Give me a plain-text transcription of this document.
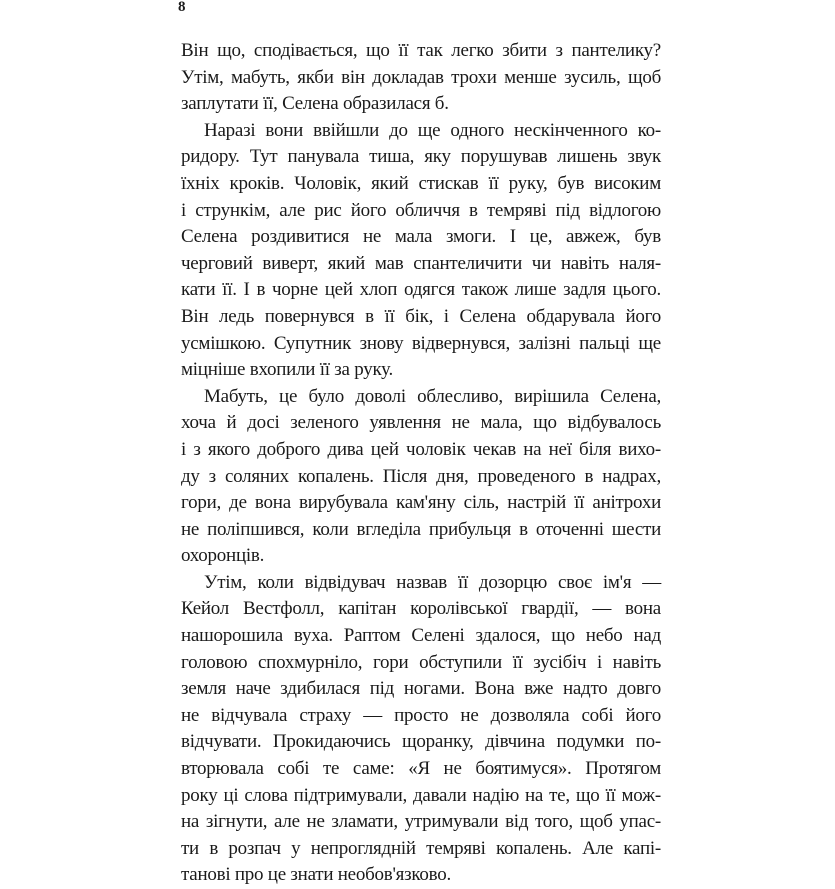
8
Він що, сподівається, що її так легко збити з пантелику?
Утім, мабуть, якби він докладав трохи менше зусиль, щоб
заплутати її, Селена образилася б.
Наразі вони ввійшли до ще одного нескінченного ко-
ридору. Тут панувала тиша, яку порушував лишень звук
їхніх кроків. Чоловік, який стискав її руку, був високим
і стрункім, але рис його обличчя в темряві під відлогою
Селена роздивитися не мала змоги. І це, авжеж, був
черговий виверт, який мав спантеличити чи навіть наля-
кати її. І в чорне цей хлоп одягся також лише задля цього.
Він ледь повернувся в її бік, і Селена обдарувала його
усмішкою. Супутник знову відвернувся, залізні пальці ще
міцніше вхопили її за руку.
Мабуть, це було доволі облесливо, вирішила Селена,
хоча й досі зеленого уявлення не мала, що відбувалось
і з якого доброго дива цей чоловік чекав на неї біля вихо-
ду з соляних копалень. Після дня, проведеного в надрах,
гори, де вона вирубувала кам'яну сіль, настрій її анітрохи
не поліпшився, коли вгледіла прибульця в оточенні шести
охоронців.
Утім, коли відвідувач назвав її дозорцю своє ім'я —
Кейол Вестфолл, капітан королівської гвардії, — вона
нашорошила вуха. Раптом Селені здалося, що небо над
головою спохмурніло, гори обступили її зусібіч і навіть
земля наче здибилася під ногами. Вона вже надто довго
не відчувала страху — просто не дозволяла собі його
відчувати. Прокидаючись щоранку, дівчина подумки по-
вторювала собі те саме: «Я не боятимуся». Протягом
року ці слова підтримували, давали надію на те, що її мож-
на зігнути, але не зламати, утримували від того, щоб упас-
ти в розпач у непроглядній темряві копалень. Але капі-
танові про це знати необов'язково.
